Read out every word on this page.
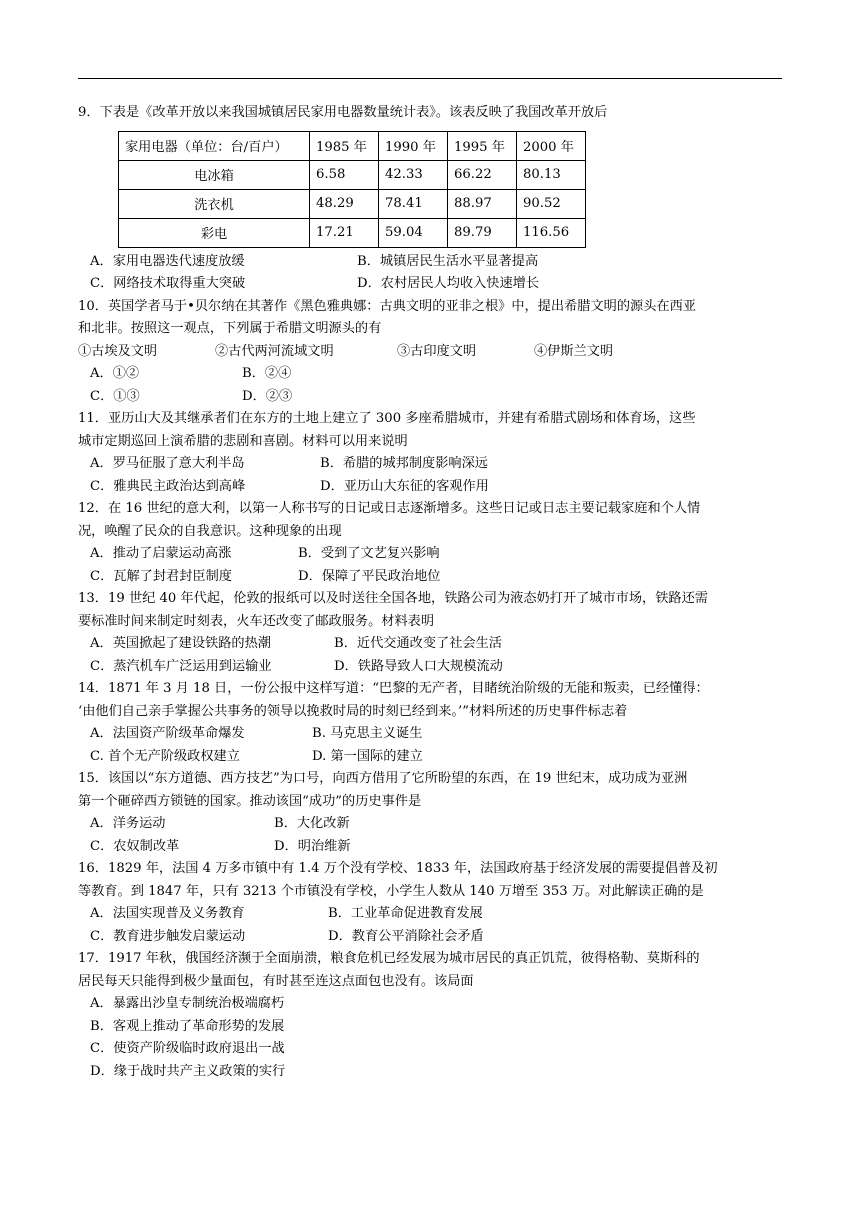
9．下表是《改革开放以来我国城镇居民家用电器数量统计表》。该表反映了我国改革开放后
家用电器（单位：台/百户）	1985 年	1990 年	1995 年	2000 年
电冰箱	6.58	42.33	66.22	80.13
洗衣机	48.29	78.41	88.97	90.52
彩电	17.21	59.04	89.79	116.56
A．家用电器迭代速度放缓	B．城镇居民生活水平显著提高
C．网络技术取得重大突破	D．农村居民人均收入快速增长
10．英国学者马于•贝尔纳在其著作《黑色雅典娜：古典文明的亚非之根》中，提出希腊文明的源头在西亚
和北非。按照这一观点，下列属于希腊文明源头的有
①古埃及文明	②古代两河流域文明	③古印度文明	④伊斯兰文明
A．①②	B．②④
C．①③	D．②③
11．亚历山大及其继承者们在东方的土地上建立了 300 多座希腊城市，并建有希腊式剧场和体育场，这些
城市定期巡回上演希腊的悲剧和喜剧。材料可以用来说明
A．罗马征服了意大利半岛	B．希腊的城邦制度影响深远
C．雅典民主政治达到高峰	D．亚历山大东征的客观作用
12．在 16 世纪的意大利，以第一人称书写的日记或日志逐渐增多。这些日记或日志主要记载家庭和个人情
况，唤醒了民众的自我意识。这种现象的出现
A．推动了启蒙运动高涨	B．受到了文艺复兴影响
C．瓦解了封君封臣制度	D．保障了平民政治地位
13．19 世纪 40 年代起，伦敦的报纸可以及时送往全国各地，铁路公司为液态奶打开了城市市场，铁路还需
要标准时间来制定时刻表，火车还改变了邮政服务。材料表明
A．英国掀起了建设铁路的热潮	B．近代交通改变了社会生活
C．蒸汽机车广泛运用到运输业	D．铁路导致人口大规模流动
14．1871 年 3 月 18 日，一份公报中这样写道：“巴黎的无产者，目睹统治阶级的无能和叛卖，已经懂得：
‘由他们自己亲手掌握公共事务的领导以挽救时局的时刻已经到来。’”材料所述的历史事件标志着
A．法国资产阶级革命爆发	B. 马克思主义诞生
C. 首个无产阶级政权建立	D. 第一国际的建立
15．该国以“东方道德、西方技艺”为口号，向西方借用了它所盼望的东西，在 19 世纪末，成功成为亚洲
第一个砸碎西方锁链的国家。推动该国“成功”的历史事件是
A．洋务运动	B．大化改新
C．农奴制改革	D．明治维新
16．1829 年，法国 4 万多市镇中有 1.4 万个没有学校、1833 年，法国政府基于经济发展的需要提倡普及初
等教育。到 1847 年，只有 3213 个市镇没有学校，小学生人数从 140 万增至 353 万。对此解读正确的是
A．法国实现普及义务教育	B．工业革命促进教育发展
C．教育进步触发启蒙运动	D．教育公平消除社会矛盾
17．1917 年秋，俄国经济濒于全面崩溃，粮食危机已经发展为城市居民的真正饥荒，彼得格勒、莫斯科的
居民每天只能得到极少量面包，有时甚至连这点面包也没有。该局面
A．暴露出沙皇专制统治极端腐朽
B．客观上推动了革命形势的发展
C．使资产阶级临时政府退出一战
D．缘于战时共产主义政策的实行
